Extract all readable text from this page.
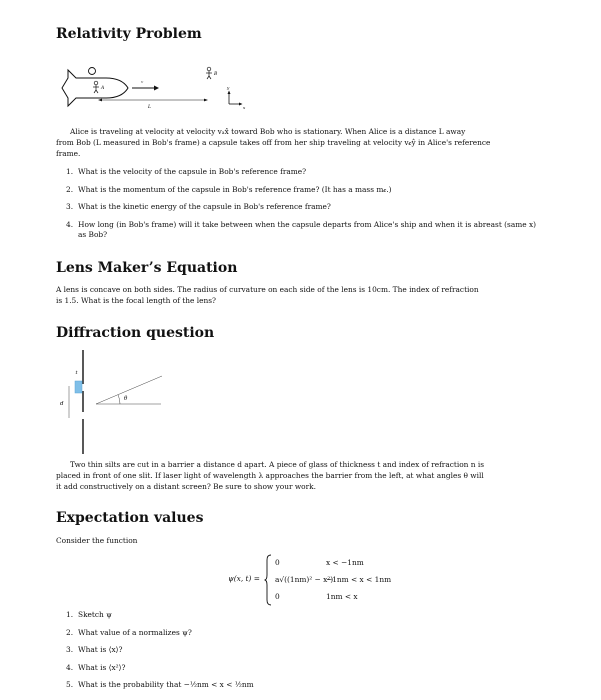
Relativity Problem
A
v
B
L
y
x
Alice is traveling at velocity at velocity vₐx̂ toward Bob who is stationary. When Alice is a distance L away

from Bob (L measured in Bob's frame) a capsule takes off from her ship traveling at velocity v𝒸ŷ in Alice's reference
frame.
1. What is the velocity of the capsule in Bob's reference frame?
2. What is the momentum of the capsule in Bob's reference frame? (It has a mass m𝒸.)
3. What is the kinetic energy of the capsule in Bob's reference frame?
4. How long (in Bob's frame) will it take between when the capsule departs from Alice's ship and when it is abreast (same x) as Bob?
Lens Maker’s Equation
A lens is concave on both sides. The radius of curvature on each side of the lens is 10cm. The index of refraction
is 1.5. What is the focal length of the lens?
Diffraction question
t
d
θ
Two thin silts are cut in a barrier a distance d apart. A piece of glass of thickness t and index of refraction n is

placed in front of one slit. If laser light of wavelength λ approaches the barrier from the left, at what angles θ will
it add constructively on a distant screen? Be sure to show your work.
Expectation values
Consider the function
ψ(x, t) =
0	x < −1nm
a√((1nm)² − x²)
−1nm < x < 1nm
0	1nm < x
1. Sketch ψ
2. What value of a normalizes ψ?
3. What is ⟨x⟩?
4. What is ⟨x²⟩?
5. What is the probability that −½nm < x < ½nm
